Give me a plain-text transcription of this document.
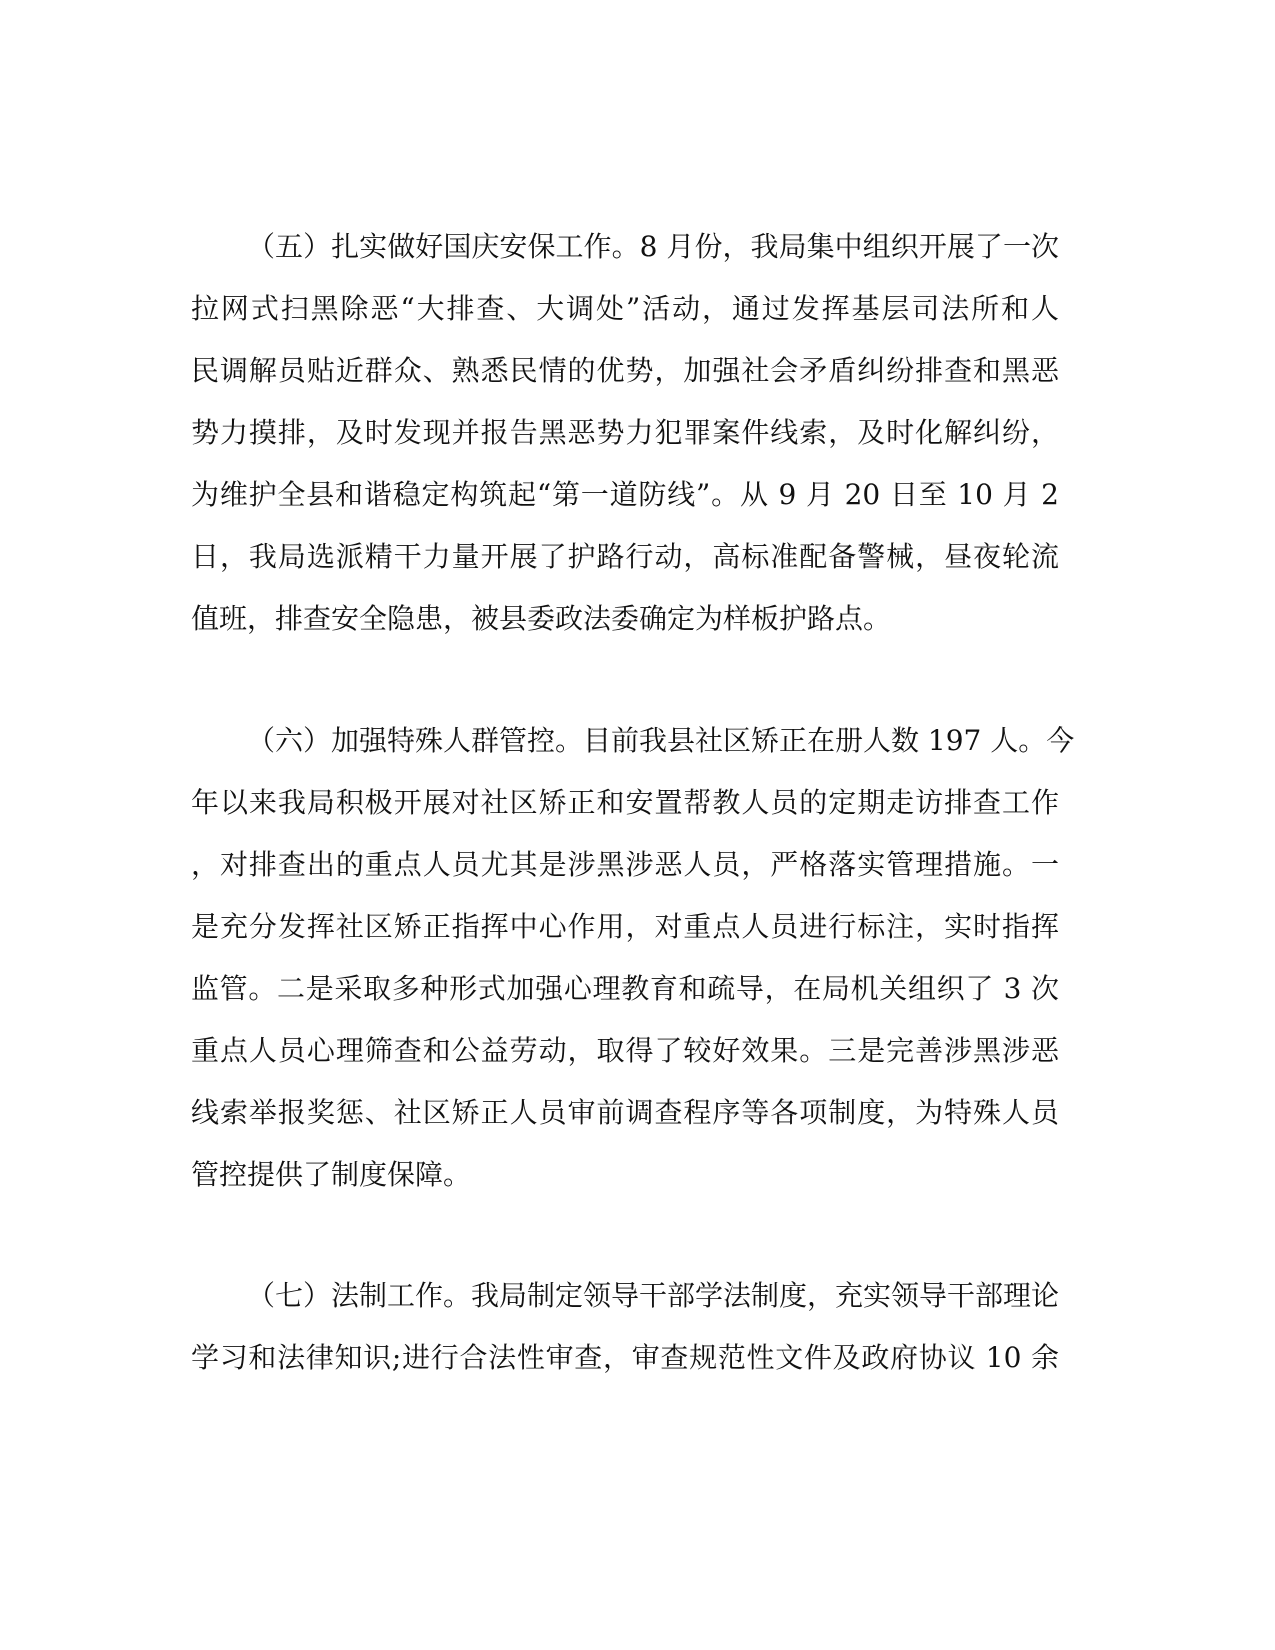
（五）扎实做好国庆安保工作。8 月份，我局集中组织开展了一次
拉网式扫黑除恶“大排查、大调处”活动，通过发挥基层司法所和人
民调解员贴近群众、熟悉民情的优势，加强社会矛盾纠纷排查和黑恶
势力摸排，及时发现并报告黑恶势力犯罪案件线索，及时化解纠纷，
为维护全县和谐稳定构筑起“第一道防线”。从 9 月 20 日至 10 月 2
日，我局选派精干力量开展了护路行动，高标准配备警械，昼夜轮流
值班，排查安全隐患，被县委政法委确定为样板护路点。
（六）加强特殊人群管控。目前我县社区矫正在册人数 197 人。今
年以来我局积极开展对社区矫正和安置帮教人员的定期走访排查工作
，对排查出的重点人员尤其是涉黑涉恶人员，严格落实管理措施。一
是充分发挥社区矫正指挥中心作用，对重点人员进行标注，实时指挥
监管。二是采取多种形式加强心理教育和疏导，在局机关组织了 3 次
重点人员心理筛查和公益劳动，取得了较好效果。三是完善涉黑涉恶
线索举报奖惩、社区矫正人员审前调查程序等各项制度，为特殊人员
管控提供了制度保障。
（七）法制工作。我局制定领导干部学法制度，充实领导干部理论
学习和法律知识;进行合法性审查，审查规范性文件及政府协议 10 余
